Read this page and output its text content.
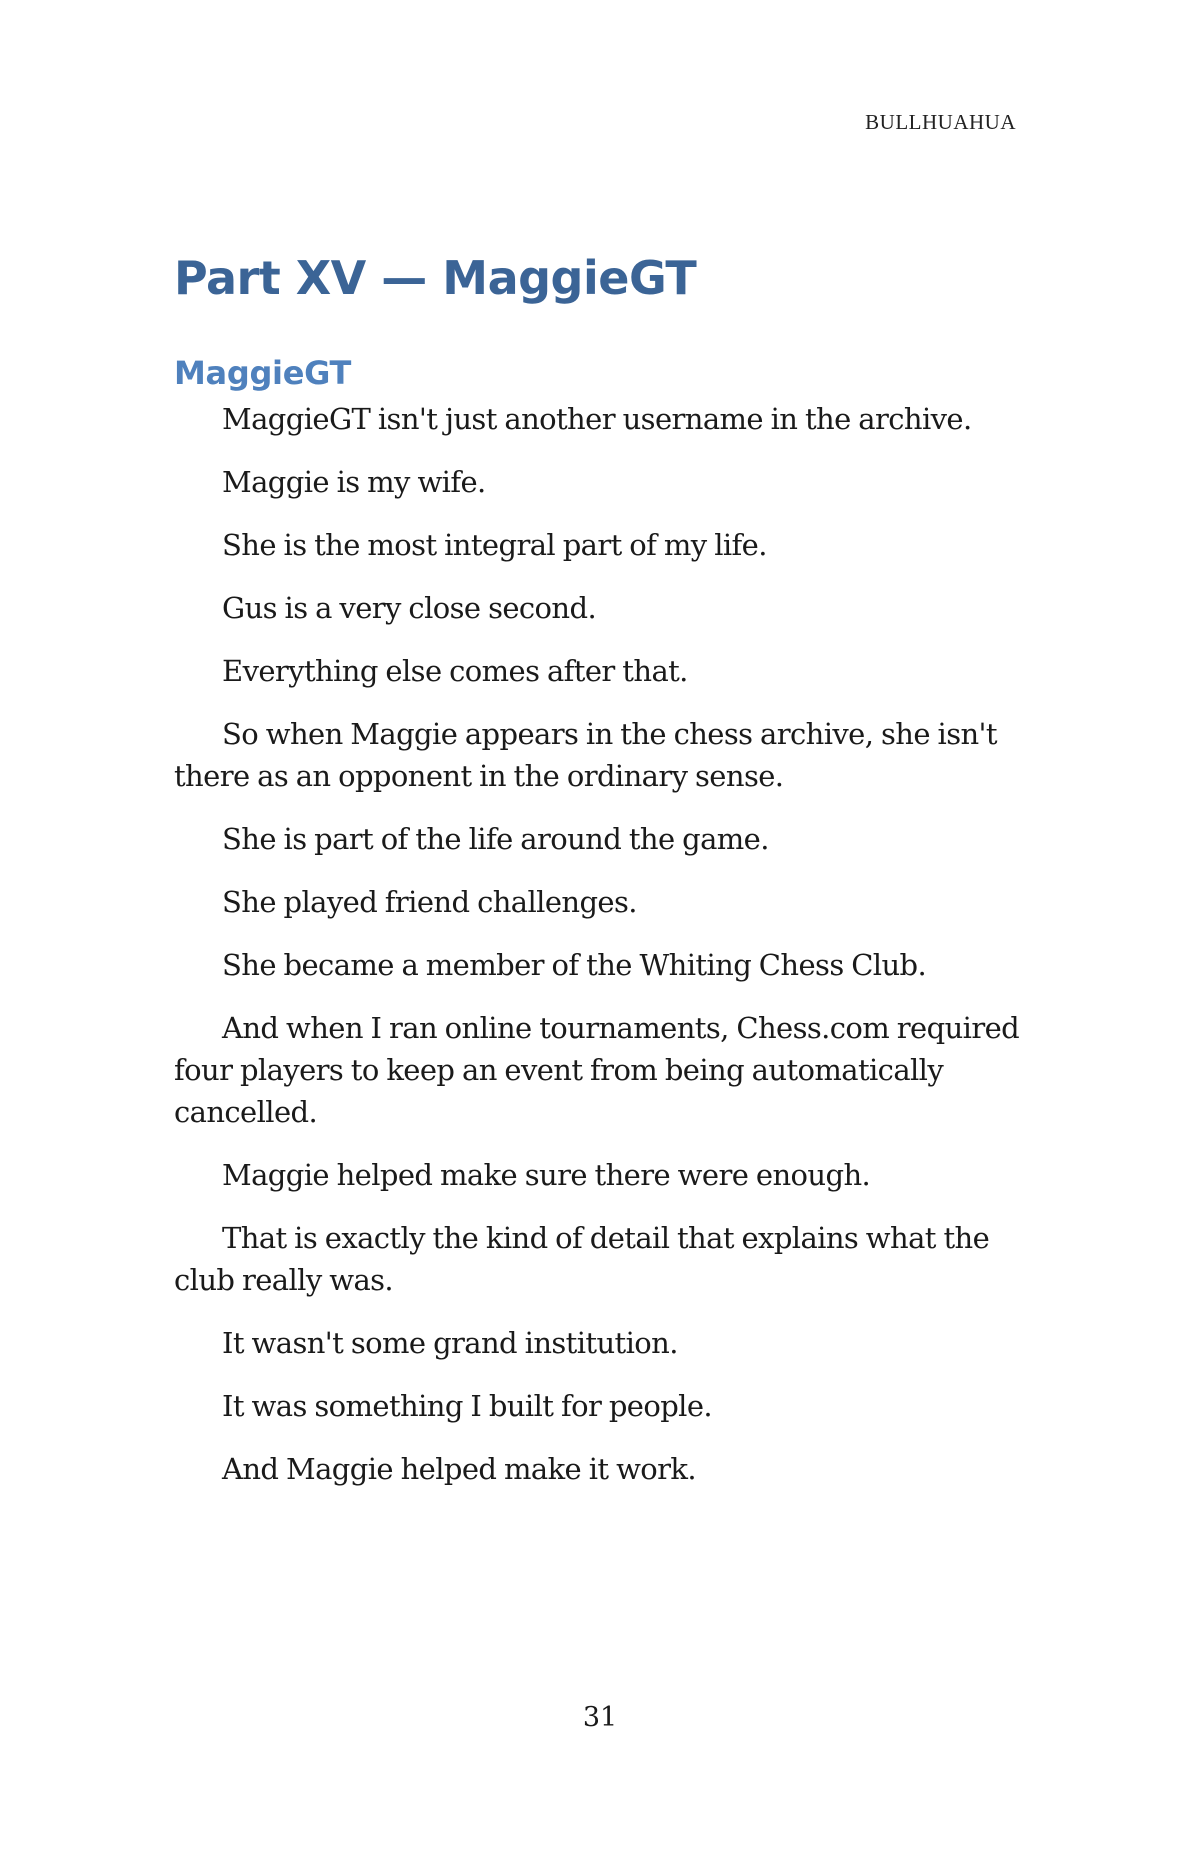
BULLHUAHUA
Part XV — MaggieGT
MaggieGT

MaggieGT isn't just another username in the archive.

Maggie is my wife.

She is the most integral part of my life.

Gus is a very close second.

Everything else comes after that.

So when Maggie appears in the chess archive, she isn't there as an opponent in the ordinary sense.

She is part of the life around the game.

She played friend challenges.

She became a member of the Whiting Chess Club.

And when I ran online tournaments, Chess.com required four players to keep an event from being automatically cancelled.

Maggie helped make sure there were enough.

That is exactly the kind of detail that explains what the club really was.

It wasn't some grand institution.

It was something I built for people.

And Maggie helped make it work.

31
